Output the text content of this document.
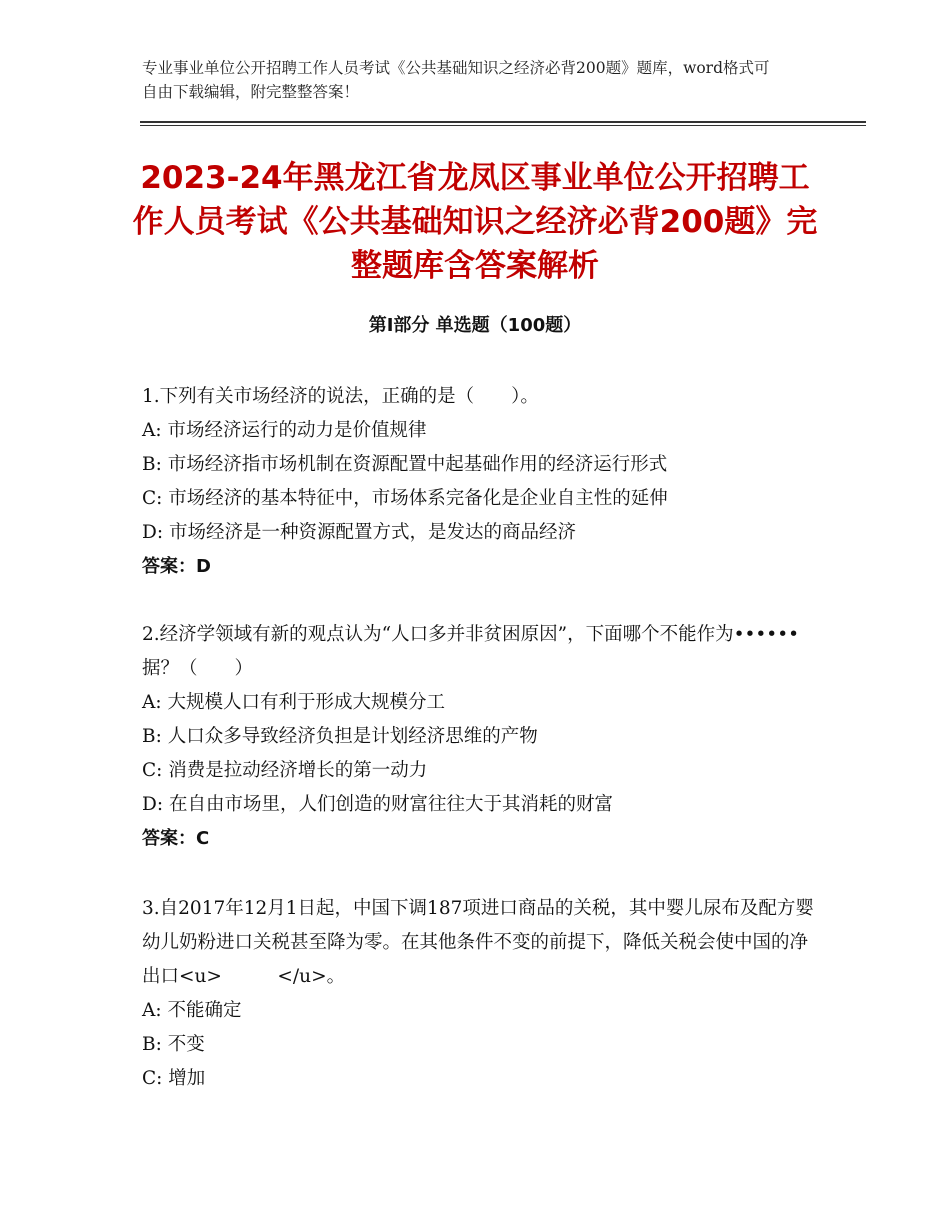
专业事业单位公开招聘工作人员考试《公共基础知识之经济必背200题》题库，word格式可自由下载编辑，附完整整答案！
2023-24年黑龙江省龙凤区事业单位公开招聘工作人员考试《公共基础知识之经济必背200题》完整题库含答案解析
第Ⅰ部分 单选题（100题）
1.下列有关市场经济的说法，正确的是（　　）。
A: 市场经济运行的动力是价值规律
B: 市场经济指市场机制在资源配置中起基础作用的经济运行形式
C: 市场经济的基本特征中，市场体系完备化是企业自主性的延伸
D: 市场经济是一种资源配置方式，是发达的商品经济
答案：D
2.经济学领域有新的观点认为“人口多并非贫困原因”，下面哪个不能作为••••••据？（　　）
A: 大规模人口有利于形成大规模分工
B: 人口众多导致经济负担是计划经济思维的产物
C: 消费是拉动经济增长的第一动力
D: 在自由市场里，人们创造的财富往往大于其消耗的财富
答案：C
3.自2017年12月1日起，中国下调187项进口商品的关税，其中婴儿尿布及配方婴幼儿奶粉进口关税甚至降为零。在其他条件不变的前提下，降低关税会使中国的净出口<u>　　　</u>。
A: 不能确定
B: 不变
C: 增加
